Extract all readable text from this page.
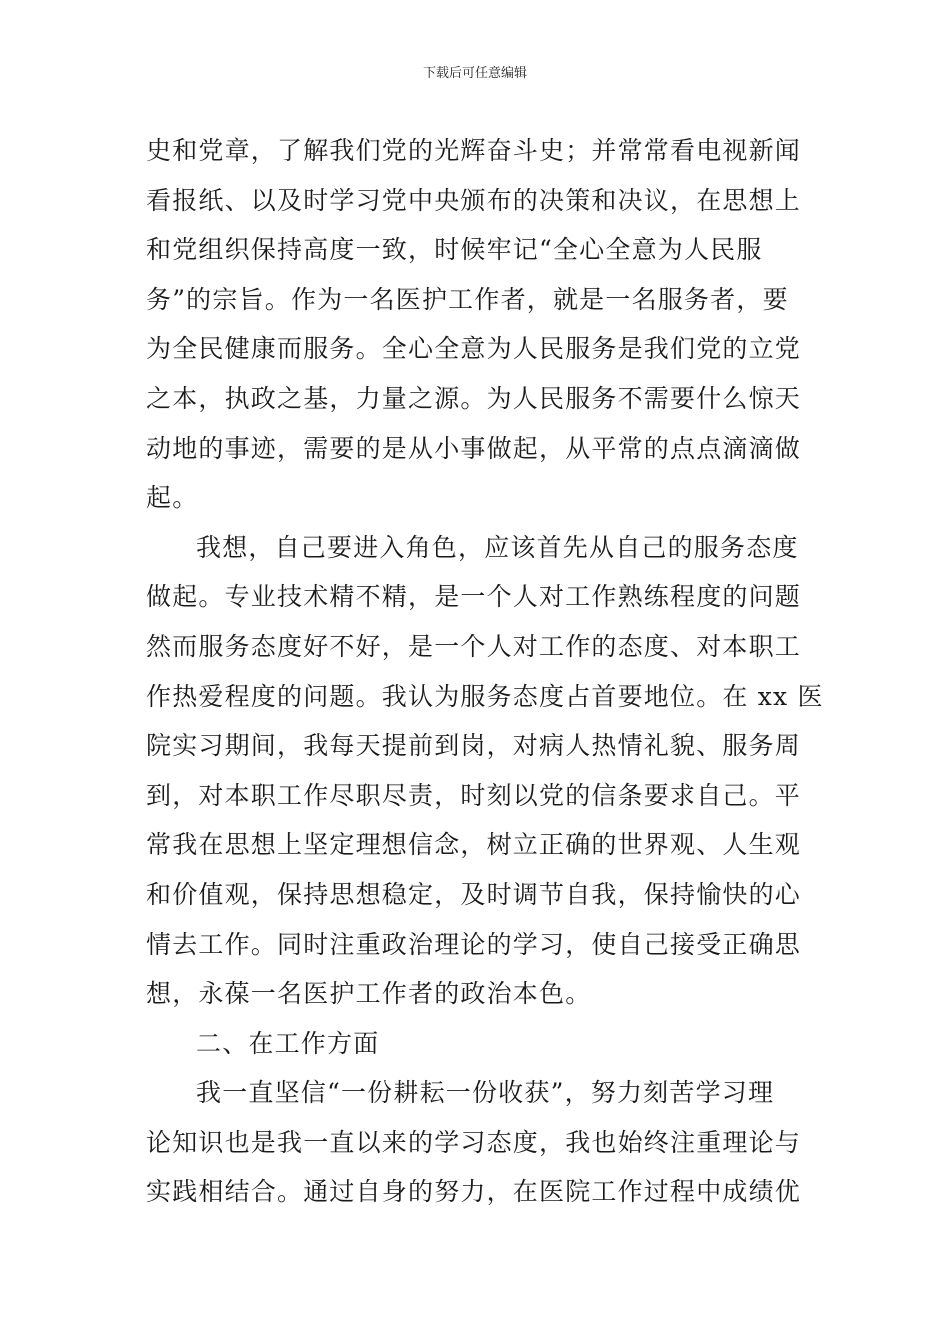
下载后可任意编辑
史和党章，了解我们党的光辉奋斗史；并常常看电视新闻
看报纸、以及时学习党中央颁布的决策和决议，在思想上
和党组织保持高度一致，时候牢记“全心全意为人民服
务”的宗旨。作为一名医护工作者，就是一名服务者，要
为全民健康而服务。全心全意为人民服务是我们党的立党
之本，执政之基，力量之源。为人民服务不需要什么惊天
动地的事迹，需要的是从小事做起，从平常的点点滴滴做
起。
我想，自己要进入角色，应该首先从自己的服务态度
做起。专业技术精不精，是一个人对工作熟练程度的问题
然而服务态度好不好，是一个人对工作的态度、对本职工
作热爱程度的问题。我认为服务态度占首要地位。在 xx 医
院实习期间，我每天提前到岗，对病人热情礼貌、服务周
到，对本职工作尽职尽责，时刻以党的信条要求自己。平
常我在思想上坚定理想信念，树立正确的世界观、人生观
和价值观，保持思想稳定，及时调节自我，保持愉快的心
情去工作。同时注重政治理论的学习，使自己接受正确思
想，永葆一名医护工作者的政治本色。
二、在工作方面
我一直坚信“一份耕耘一份收获”，努力刻苦学习理
论知识也是我一直以来的学习态度，我也始终注重理论与
实践相结合。通过自身的努力，在医院工作过程中成绩优
